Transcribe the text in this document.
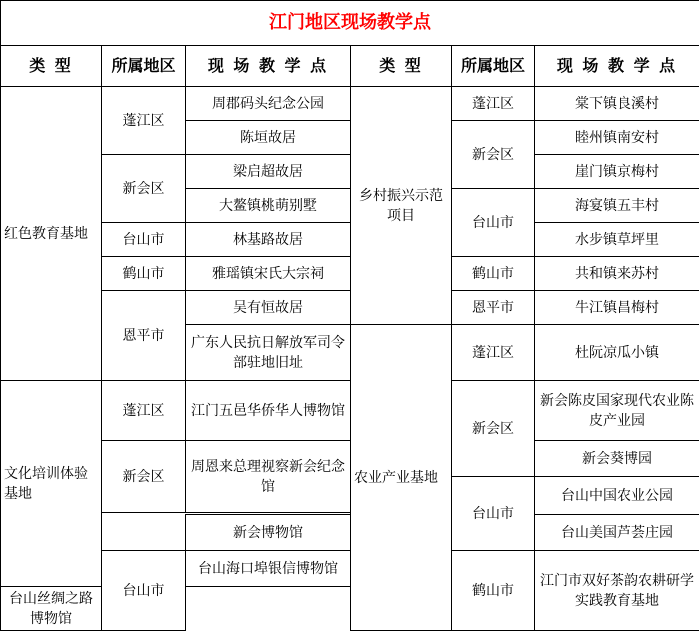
江门地区现场教学点					
类 型	所属地区	现 场 教 学 点	类 型	所属地区	现 场 教 学 点
红色教育基地	蓬江区	周郡码头纪念公园	乡村振兴示范项目	蓬江区	棠下镇良溪村
		陈垣故居		新会区	睦州镇南安村
	新会区	梁启超故居			崖门镇京梅村
		大鳌镇桃萌别墅		台山市	海宴镇五丰村
	台山市	林基路故居			水步镇草坪里
	鹤山市	雅瑶镇宋氏大宗祠		鹤山市	共和镇来苏村
	恩平市	吴有恒故居		恩平市	牛江镇昌梅村
		广东人民抗日解放军司令部驻地旧址	农业产业基地	蓬江区	杜阮凉瓜小镇
文化培训体验基地	蓬江区	江门五邑华侨华人博物馆		新会区	新会陈皮国家现代农业陈皮产业园

	新会区	周恩来总理视察新会纪念馆			新会葵博园
				台山市	台山中国农业公园

		新会博物馆			台山美国芦荟庄园
	台山市	台山海口埠银信博物馆		鹤山市	江门市双好茶韵农耕研学实践教育基地
台山丝绸之路博物馆					
